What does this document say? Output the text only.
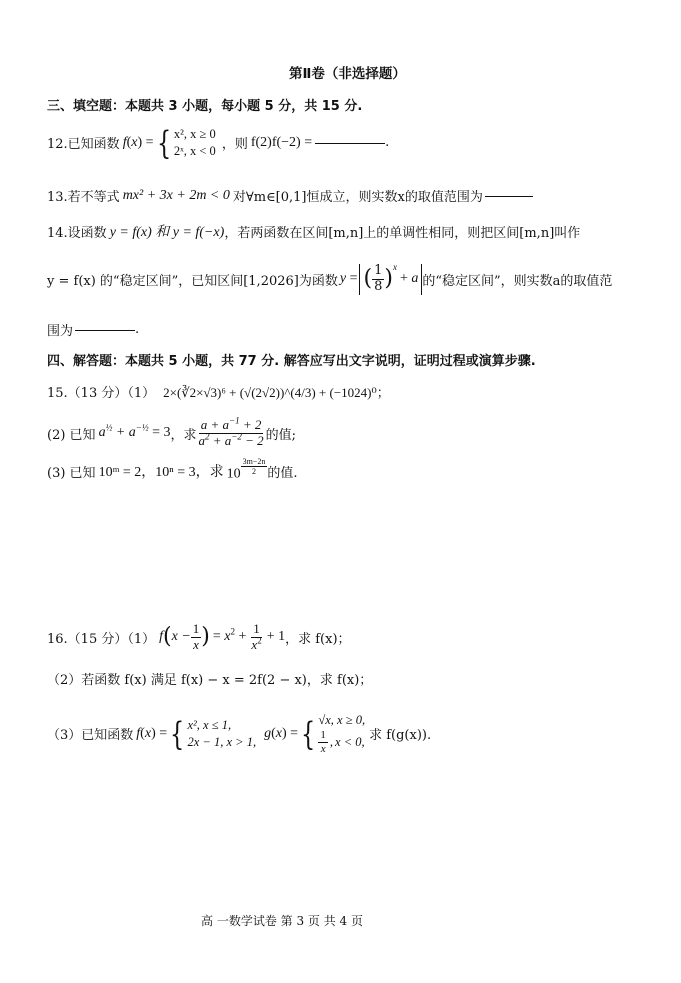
第Ⅱ卷（非选择题）
三、填空题：本题共 3 小题，每小题 5 分，共 15 分.
12.已知函数 f(x) = { x², x ≥ 0
2ˣ, x < 0 ，则 f(2)f(−2) =	.
13.若不等式 mx² + 3x + 2m < 0 对∀m∈[0,1]恒成立，则实数x的取值范围为
14.设函数 y = f(x) 和 y = f(−x) ，若两函数在区间[m,n]上的单调性相同，则把区间[m,n]叫作
y = f(x) 的“稳定区间”，已知区间[1,2026]为函数 y = ( $\frac{1}{8} )^x$
+ a 的“稳定区间”，则实数a的取值范
围为	.
四、解答题：本题共 5 小题，共 77 分. 解答应写出文字说明，证明过程或演算步骤.
15.（13 分）（1） 2×(∛2×√3)⁶ + (√(2√2))^(4/3) + (−1024)⁰；
(2) 已知 $a^{\frac{1}{2}} + a^{-\frac{1}{2}} = 3$ ，求 $\frac{a + a^{-1} + 2}{a^2 + a^{-2} - 2}$ 的值;
(3) 已知 10ᵐ = 2，10ⁿ = 3，求 10 $^{\frac{3m-2n}{2}}$ 的值.
16.（15 分）（1） f ( $x - \frac{1}{x}$ ) = $x^2 + \frac{1}{x^2} + 1$ ，求 f(x)；
（2）若函数 f(x) 满足 f(x) − x = 2f(2 − x)，求 f(x)；
（3）已知函数 f(x) = { x², x ≤ 1,
2x − 1, x > 1,
g(x) = { √x, x ≥ 0,
$\frac{1}{x}$ , x < 0, 求 f(g(x)).
高 一数学试卷 第 3 页 共 4 页
